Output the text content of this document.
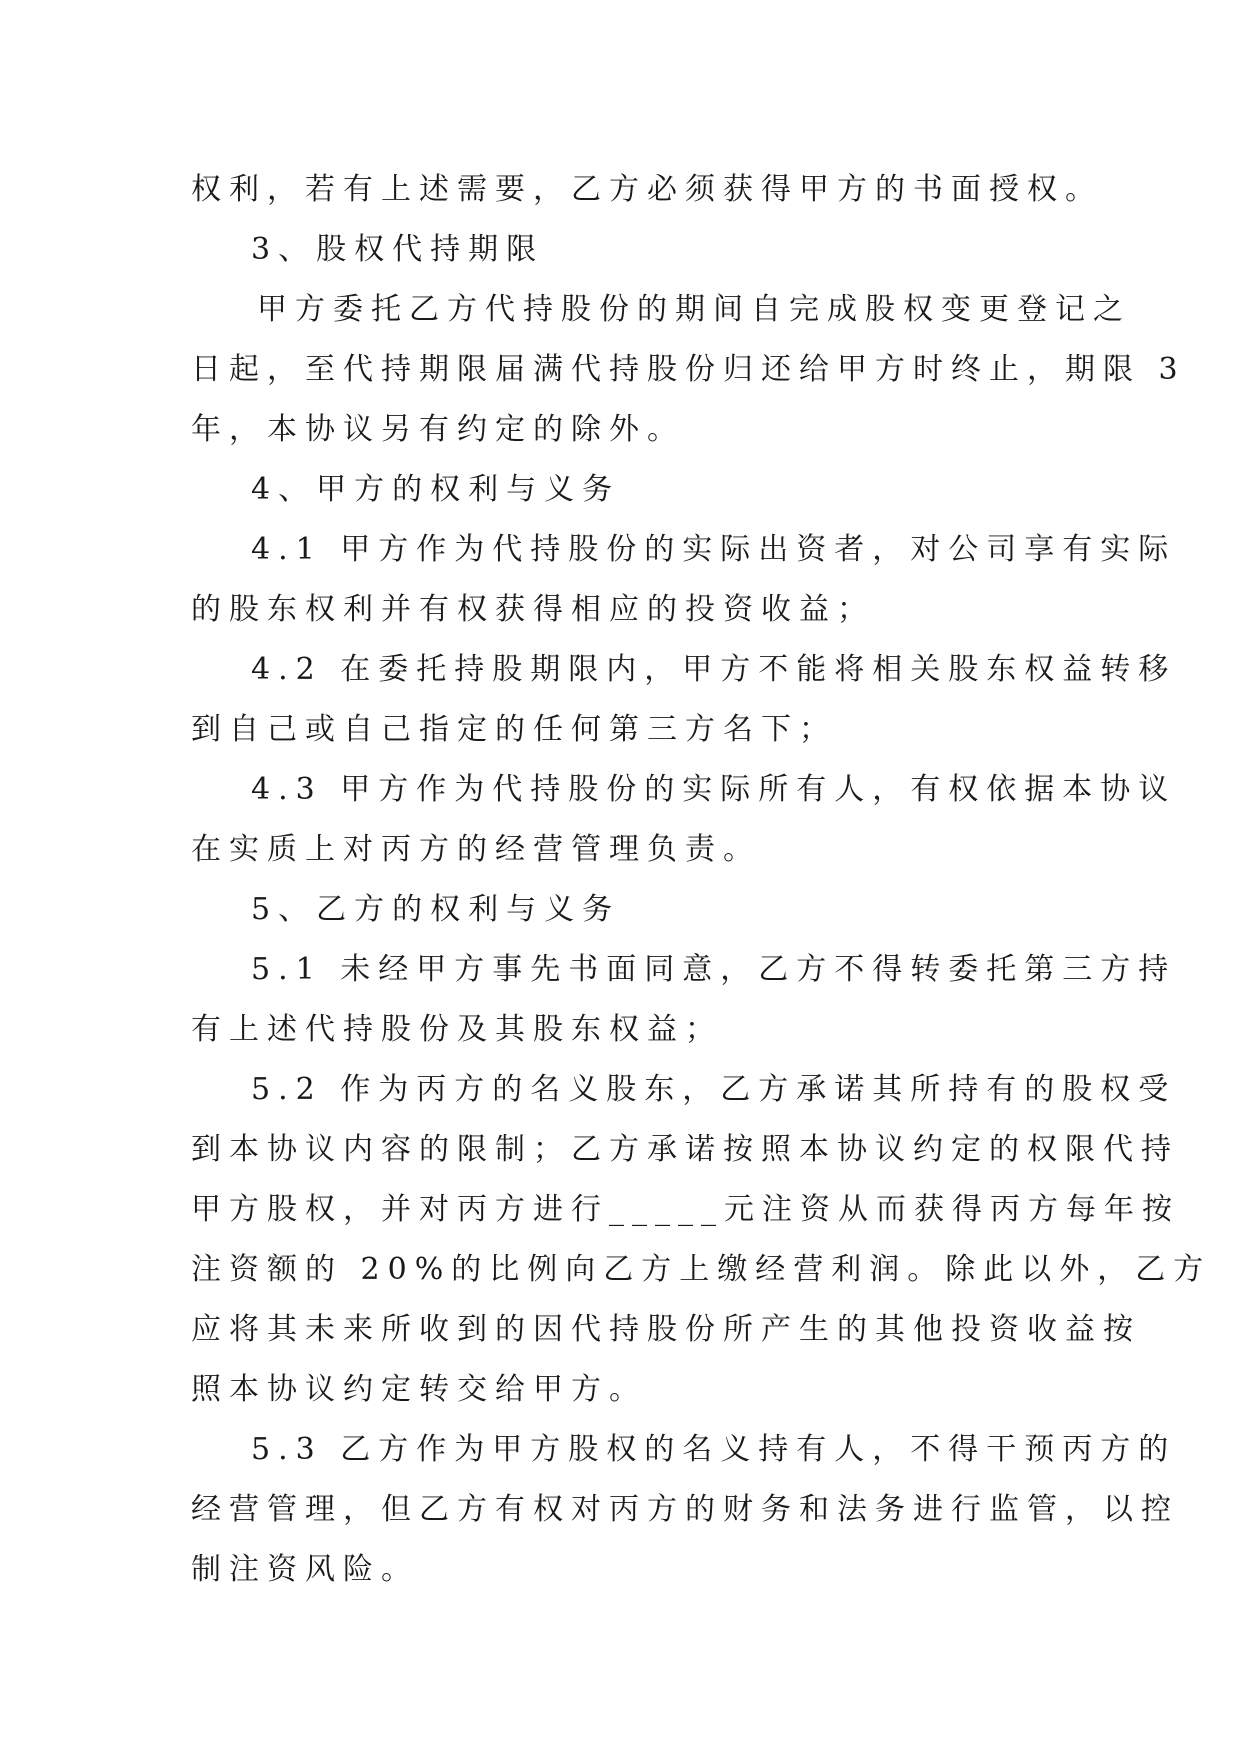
权利，若有上述需要，乙方必须获得甲方的书面授权。

3、股权代持期限

甲方委托乙方代持股份的期间自完成股权变更登记之

日起，至代持期限届满代持股份归还给甲方时终止，期限 3

年，本协议另有约定的除外。

4、甲方的权利与义务

4.1 甲方作为代持股份的实际出资者，对公司享有实际

的股东权利并有权获得相应的投资收益；

4.2 在委托持股期限内，甲方不能将相关股东权益转移

到自己或自己指定的任何第三方名下；

4.3 甲方作为代持股份的实际所有人，有权依据本协议

在实质上对丙方的经营管理负责。

5、乙方的权利与义务

5.1 未经甲方事先书面同意，乙方不得转委托第三方持

有上述代持股份及其股东权益；

5.2 作为丙方的名义股东，乙方承诺其所持有的股权受

到本协议内容的限制；乙方承诺按照本协议约定的权限代持

甲方股权，并对丙方进行_____元注资从而获得丙方每年按

注资额的 20%的比例向乙方上缴经营利润。除此以外，乙方

应将其未来所收到的因代持股份所产生的其他投资收益按

照本协议约定转交给甲方。

5.3 乙方作为甲方股权的名义持有人，不得干预丙方的

经营管理，但乙方有权对丙方的财务和法务进行监管，以控

制注资风险。
